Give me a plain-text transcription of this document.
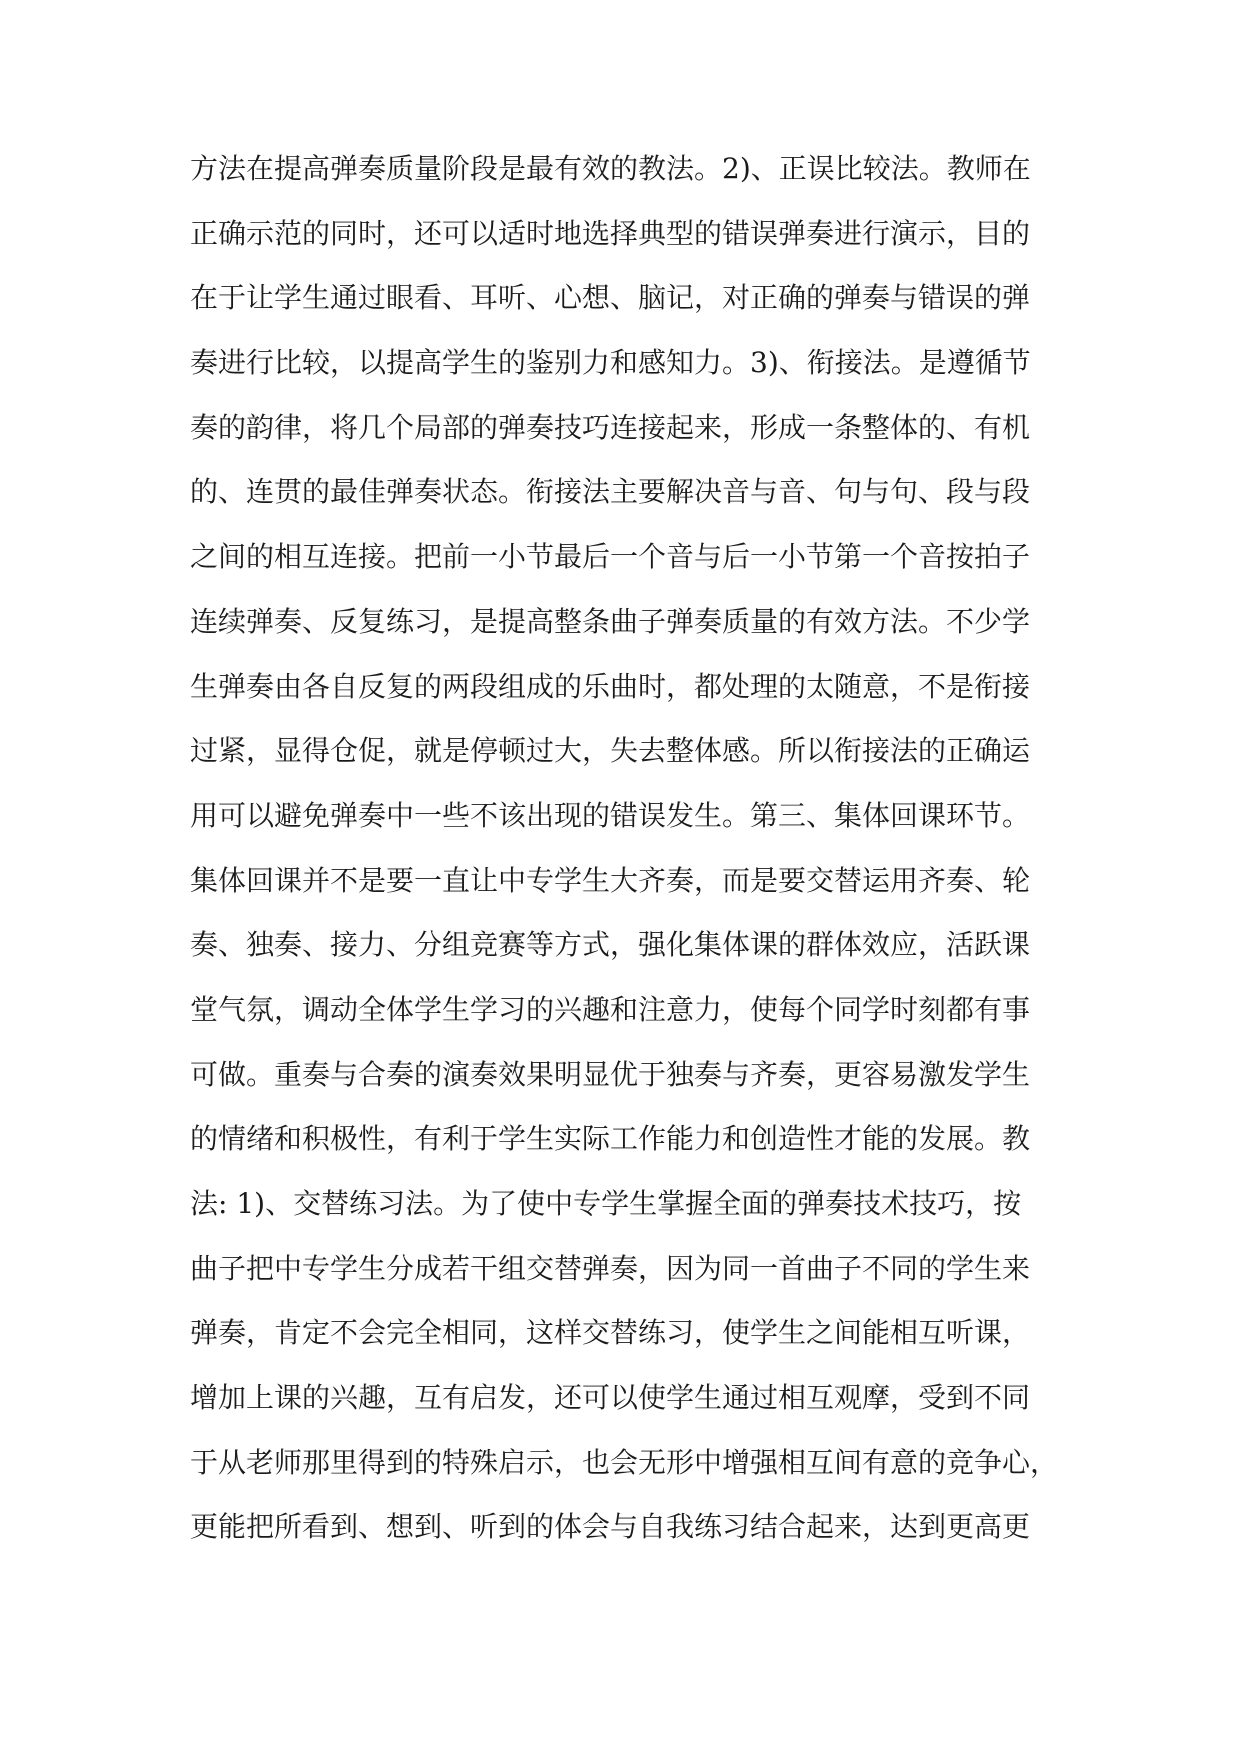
方法在提高弹奏质量阶段是最有效的教法。2)、正误比较法。教师在
正确示范的同时，还可以适时地选择典型的错误弹奏进行演示，目的
在于让学生通过眼看、耳听、心想、脑记，对正确的弹奏与错误的弹
奏进行比较，以提高学生的鉴别力和感知力。3)、衔接法。是遵循节
奏的韵律，将几个局部的弹奏技巧连接起来，形成一条整体的、有机
的、连贯的最佳弹奏状态。衔接法主要解决音与音、句与句、段与段
之间的相互连接。把前一小节最后一个音与后一小节第一个音按拍子
连续弹奏、反复练习，是提高整条曲子弹奏质量的有效方法。不少学
生弹奏由各自反复的两段组成的乐曲时，都处理的太随意，不是衔接
过紧，显得仓促，就是停顿过大，失去整体感。所以衔接法的正确运
用可以避免弹奏中一些不该出现的错误发生。第三、集体回课环节。
集体回课并不是要一直让中专学生大齐奏，而是要交替运用齐奏、轮
奏、独奏、接力、分组竞赛等方式，强化集体课的群体效应，活跃课
堂气氛，调动全体学生学习的兴趣和注意力，使每个同学时刻都有事
可做。重奏与合奏的演奏效果明显优于独奏与齐奏，更容易激发学生
的情绪和积极性，有利于学生实际工作能力和创造性才能的发展。教
法: 1)、交替练习法。为了使中专学生掌握全面的弹奏技术技巧，按
曲子把中专学生分成若干组交替弹奏，因为同一首曲子不同的学生来
弹奏，肯定不会完全相同，这样交替练习，使学生之间能相互听课，
增加上课的兴趣，互有启发，还可以使学生通过相互观摩，受到不同
于从老师那里得到的特殊启示，也会无形中增强相互间有意的竞争心，
更能把所看到、想到、听到的体会与自我练习结合起来，达到更高更
